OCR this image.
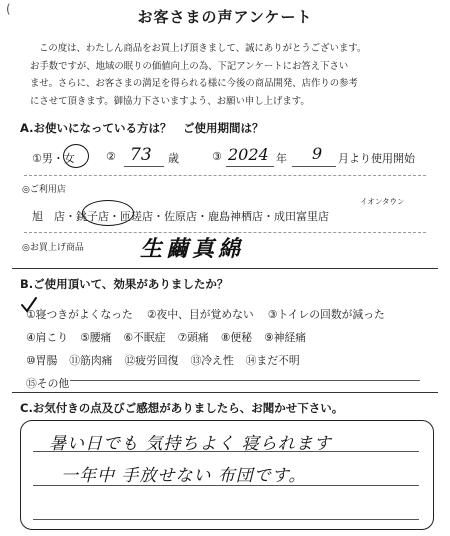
(	お客さまの声アンケート
この度は、わたしん商品をお買上げ頂きまして、誠にありがとうございます。
お手数ですが、地域の眠りの価値向上の為、下記アンケートにお答え下さい
ませ。さらに、お客さまの満足を得られる様に今後の商品開発、店作りの参考
にさせて頂きます。御協力下さいますよう、お願い申し上げます。
A.お使いになっている方は？　ご使用期間は？
①男・女	② 73 歳	③ 2024 年 9 月より使用開始
◎ご利用店
イオンタウン
旭　店・銚子店・匝瑳店・佐原店・鹿島神栖店・成田富里店
◎お買上げ商品	生繭真綿
B.ご使用頂いて、効果がありましたか？
①寝つきがよくなった ②夜中、目が覚めない ③トイレの回数が減った
④肩こり ⑤腰痛 ⑥不眠症 ⑦頭痛 ⑧便秘 ⑨神経痛
⑩胃腸 ⑪筋肉痛 ⑫疲労回復 ⑬冷え性 ⑭まだ不明
⑮その他
C.お気付きの点及びご感想がありましたら、お聞かせ下さい。
暑い日でも 気持ちよく 寝られます
一年中 手放せない 布団です。
